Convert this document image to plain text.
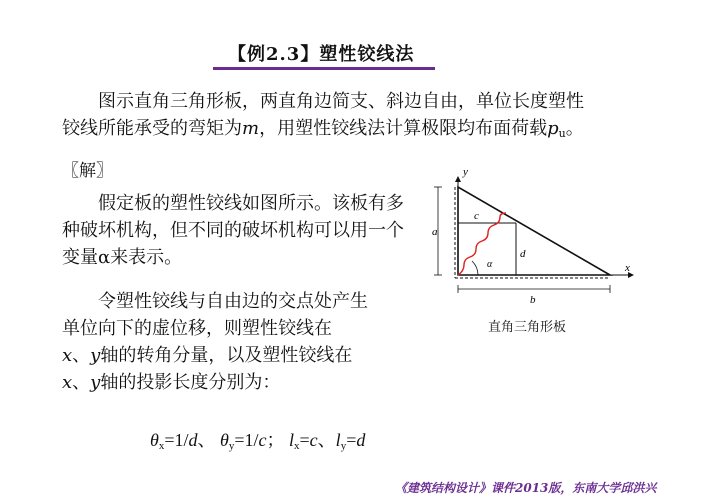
【例2.3】塑性铰线法
图示直角三角形板，两直角边简支、斜边自由，单位长度塑性
铰线所能承受的弯矩为m，用塑性铰线法计算极限均布面荷载$p_u$。
〖解〗
假定板的塑性铰线如图所示。该板有多种破坏机构，但不同的破坏机构可以用一个变量α来表示。
令塑性铰线与自由边的交点处产生
单位向下的虚位移，则塑性铰线在
x、y轴的转角分量，以及塑性铰线在
x、y轴的投影长度分别为：
$\theta_x=1/d$、 $\theta_y=1/c$； $l_x=c$、$l_y=d$
y
x
a
b
c
d
α
直角三角形板
《建筑结构设计》课件2013版，东南大学邱洪兴
